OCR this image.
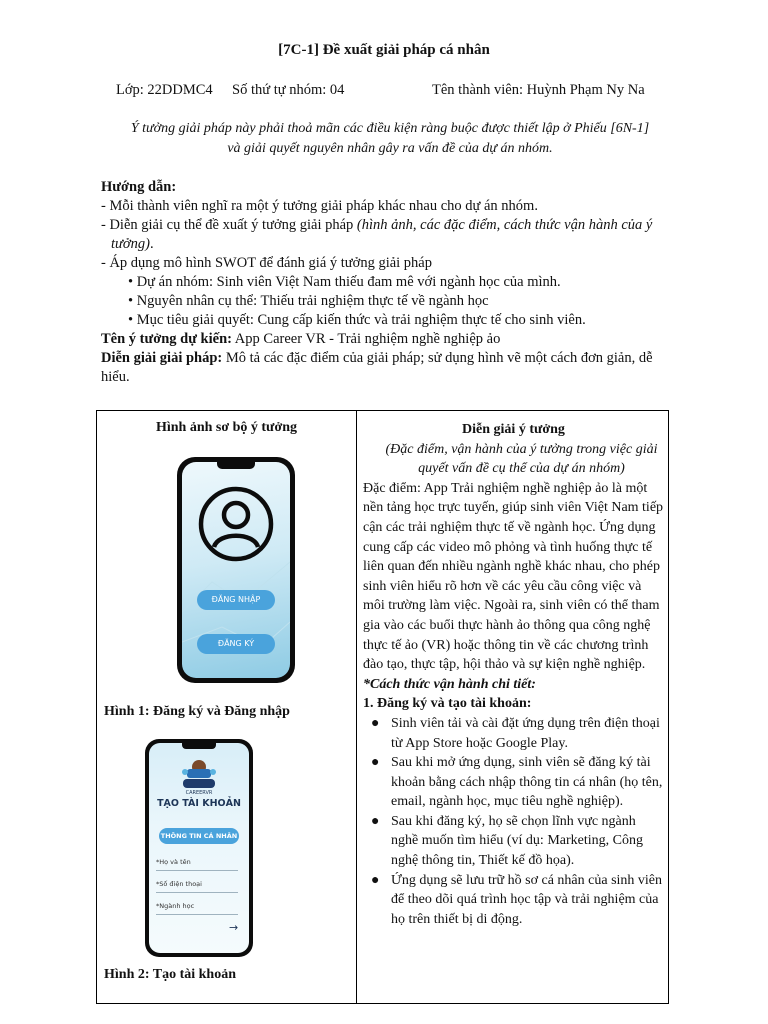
[7C-1] Đề xuất giải pháp cá nhân
Lớp: 22DDMC4 Số thứ tự nhóm: 04	Tên thành viên: Huỳnh Phạm Ny Na
Ý tưởng giải pháp này phải thoả mãn các điều kiện ràng buộc được thiết lập ở Phiếu [6N-1]
và giải quyết nguyên nhân gây ra vấn đề của dự án nhóm.
Hướng dẫn:
- Mỗi thành viên nghĩ ra một ý tưởng giải pháp khác nhau cho dự án nhóm.
- Diễn giải cụ thể đề xuất ý tưởng giải pháp (hình ảnh, các đặc điểm, cách thức vận hành của ý tưởng).
- Áp dụng mô hình SWOT để đánh giá ý tưởng giải pháp
• Dự án nhóm: Sinh viên Việt Nam thiếu đam mê với ngành học của mình.
• Nguyên nhân cụ thể: Thiếu trải nghiệm thực tế về ngành học
• Mục tiêu giải quyết: Cung cấp kiến thức và trải nghiệm thực tế cho sinh viên.
Tên ý tưởng dự kiến: App Career VR - Trải nghiệm nghề nghiệp ảo
Diễn giải giải pháp: Mô tả các đặc điểm của giải pháp; sử dụng hình vẽ một cách đơn giản, dễ hiểu.
Hình ảnh sơ bộ ý tưởng
ĐĂNG NHẬP
ĐĂNG KÝ
Hình 1: Đăng ký và Đăng nhập
CAREERVR
TẠO TÀI KHOẢN
THÔNG TIN CÁ NHÂN
*Họ và tên
*Số điện thoại
*Ngành học
→
Hình 2: Tạo tài khoản
Diễn giải ý tưởng
(Đặc điểm, vận hành của ý tưởng trong việc giải quyết vấn đề cụ thể của dự án nhóm)
Đặc điểm: App Trải nghiệm nghề nghiệp ảo là một nền tảng học trực tuyến, giúp sinh viên Việt Nam tiếp cận các trải nghiệm thực tế về ngành học. Ứng dụng cung cấp các video mô phỏng và tình huống thực tế liên quan đến nhiều ngành nghề khác nhau, cho phép sinh viên hiểu rõ hơn về các yêu cầu công việc và môi trường làm việc. Ngoài ra, sinh viên có thể tham gia vào các buổi thực hành ảo thông qua công nghệ thực tế ảo (VR) hoặc thông tin về các chương trình đào tạo, thực tập, hội thảo và sự kiện nghề nghiệp.
*Cách thức vận hành chi tiết:
1. Đăng ký và tạo tài khoản:
● Sinh viên tải và cài đặt ứng dụng trên điện thoại từ App Store hoặc Google Play.
● Sau khi mở ứng dụng, sinh viên sẽ đăng ký tài khoản bằng cách nhập thông tin cá nhân (họ tên, email, ngành học, mục tiêu nghề nghiệp).
● Sau khi đăng ký, họ sẽ chọn lĩnh vực ngành nghề muốn tìm hiểu (ví dụ: Marketing, Công nghệ thông tin, Thiết kế đồ họa).
● Ứng dụng sẽ lưu trữ hồ sơ cá nhân của sinh viên để theo dõi quá trình học tập và trải nghiệm của họ trên thiết bị di động.
